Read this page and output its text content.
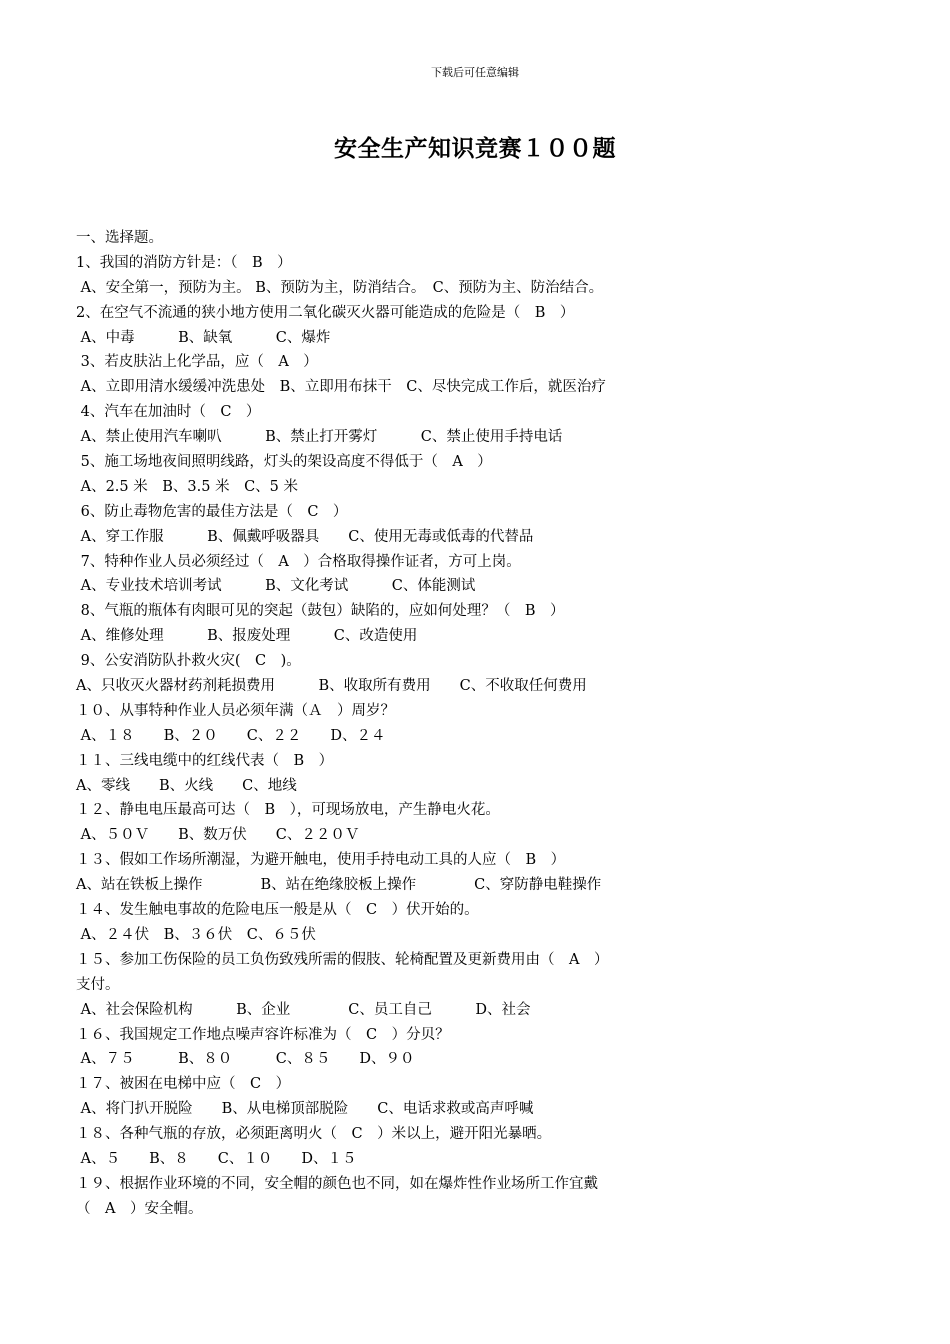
下载后可任意编辑
安全生产知识竞赛１００题
一、选择题。
1、我国的消防方针是：（　B　）
A、安全第一，预防为主。 B、预防为主，防消结合。　C、预防为主、防治结合。
2、在空气不流通的狭小地方使用二氧化碳灭火器可能造成的危险是（　B　）
A、中毒　　　B、缺氧　　　C、爆炸
3、若皮肤沾上化学品，应（　A　）
A、立即用清水缓缓冲洗患处　B、立即用布抹干　C、尽快完成工作后，就医治疗
4、汽车在加油时（　C　）
A、禁止使用汽车喇叭　　　B、禁止打开雾灯　　　C、禁止使用手持电话
5、施工场地夜间照明线路，灯头的架设高度不得低于（　A　）
A、2.5 米　B、3.5 米　C、5 米
6、防止毒物危害的最佳方法是（　C　）
A、穿工作服　　　B、佩戴呼吸器具　　C、使用无毒或低毒的代替品
7、特种作业人员必须经过（　A　）合格取得操作证者，方可上岗。
A、专业技术培训考试　　　B、文化考试　　　C、体能测试
8、气瓶的瓶体有肉眼可见的突起（鼓包）缺陷的，应如何处理？（　B　）
A、维修处理　　　B、报废处理　　　C、改造使用
9、公安消防队扑救火灾(　C　)。
A、只收灭火器材药剂耗损费用　　　B、收取所有费用　　C、不收取任何费用
１０、从事特种作业人员必须年满（Ａ　）周岁？
A、１８　　B、２０　　C、２２　　D、２４
１１、三线电缆中的红线代表（　B　）
A、零线　　B、火线　　C、地线
１２、静电电压最高可达（　B　），可现场放电，产生静电火花。
A、５０Ｖ　　B、数万伏　　C、２２０Ｖ
１３、假如工作场所潮湿，为避开触电，使用手持电动工具的人应（　B　）
A、站在铁板上操作　　　　B、站在绝缘胶板上操作　　　　C、穿防静电鞋操作
１４、发生触电事故的危险电压一般是从（　C　）伏开始的。
A、２４伏　B、３６伏　C、６５伏
１５、参加工伤保险的员工负伤致残所需的假肢、轮椅配置及更新费用由（　A　）
支付。
A、社会保险机构　　　B、企业　　　　C、员工自己　　　D、社会
１６、我国规定工作地点噪声容许标准为（　C　）分贝？
A、７５　　　B、８０　　　C、８５　　D、９０
１７、被困在电梯中应（　C　）
A、将门扒开脱险　　B、从电梯顶部脱险　　C、电话求救或高声呼喊
１８、各种气瓶的存放，必须距离明火（　C　）米以上，避开阳光暴晒。
A、５　　B、８　　C、１０　　D、１５
１９、根据作业环境的不同，安全帽的颜色也不同，如在爆炸性作业场所工作宜戴
（　A　）安全帽。
